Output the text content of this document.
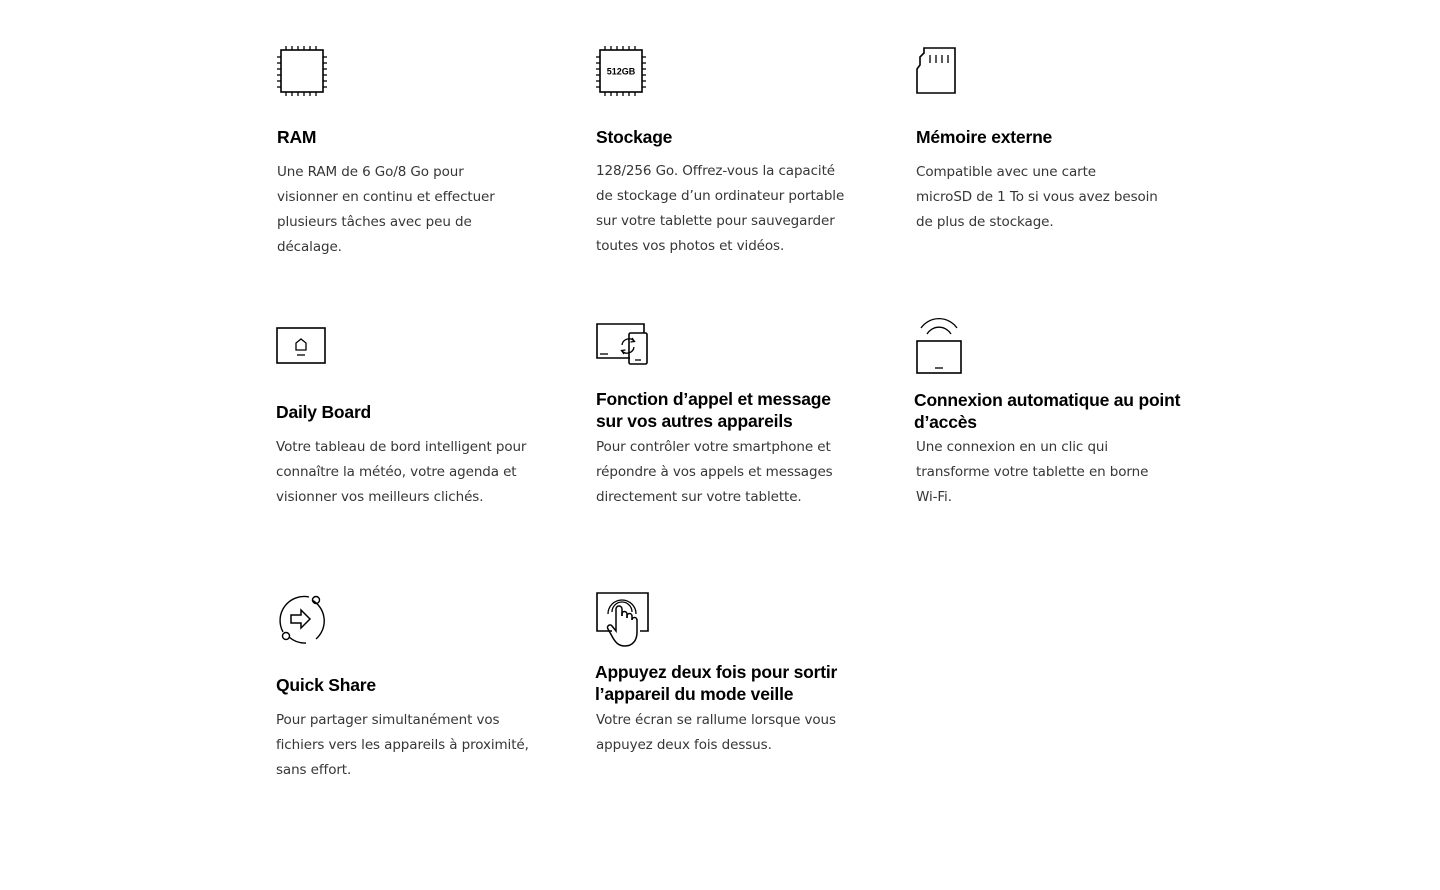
RAM

Une RAM de 6 Go/8 Go pour
visionner en continu et effectuer
plusieurs tâches avec peu de
décalage.

512GB
Stockage

128/256 Go. Offrez-vous la capacité
de stockage d’un ordinateur portable
sur votre tablette pour sauvegarder
toutes vos photos et vidéos.

Mémoire externe

Compatible avec une carte
microSD de 1 To si vous avez besoin
de plus de stockage.

Daily Board

Votre tableau de bord intelligent pour
connaître la météo, votre agenda et
visionner vos meilleurs clichés.

Fonction d’appel et message
sur vos autres appareils

Pour contrôler votre smartphone et
répondre à vos appels et messages
directement sur votre tablette.

Connexion automatique au point
d’accès

Une connexion en un clic qui
transforme votre tablette en borne
Wi-Fi.

Quick Share

Pour partager simultanément vos
fichiers vers les appareils à proximité,
sans effort.

Appuyez deux fois pour sortir
l’appareil du mode veille

Votre écran se rallume lorsque vous
appuyez deux fois dessus.
